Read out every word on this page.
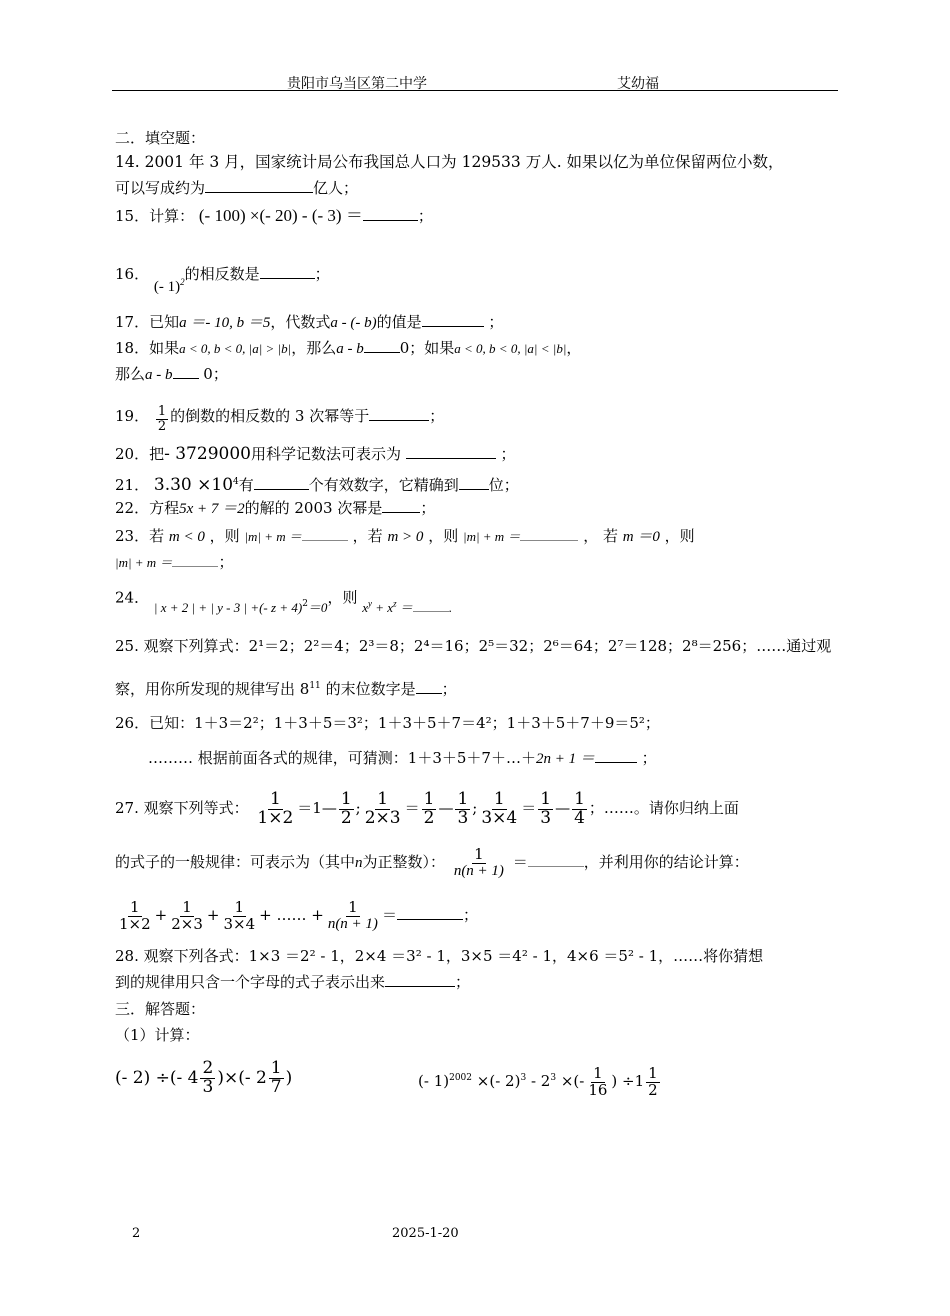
贵阳市乌当区第二中学	艾幼福
二．填空题：
14. 2001 年 3 月，国家统计局公布我国总人口为 129533 万人. 如果以亿为单位保留两位小数，
可以写成约为	亿人；
15．计算： (- 100) ×(- 20) - (- 3) ＝	；
16． (- 1)$^2$的相反数是	；
17．已知a ＝- 10, b ＝5，代数式a - (- b)的值是	；
18．如果a < 0, b < 0, |a| > |b|，那么a - b 0；如果a < 0, b < 0, |a| < |b|，
那么a - b 0；
19． $\frac{1}{2}$ 的倒数的相反数的 3 次幂等于	；
20．把- 3729000用科学记数法可表示为	；
21． $3.30 \times 10^4$有	个有效数字，它精确到 位；
22．方程5x + 7 ＝2的解的 2003 次幂是	；
23．若 m < 0 ，则 |m| + m ＝	，若 m > 0 ，则 |m| + m ＝	， 若 m ＝0 ，则
|m| + m ＝	；
24． | x + 2 | + | y - 3 | +(- z + 4)$^2$＝0，则 $x^y + x^z$ ＝	.
25. 观察下列算式：2¹＝2；2²＝4；2³＝8；2⁴＝16；2⁵＝32；2⁶＝64；2⁷＝128；2⁸＝256；……通过观
察，用你所发现的规律写出 $8^{11}$ 的末位数字是 ；
26．已知：1＋3＝2²；1＋3＋5＝3²；1＋3＋5＋7＝4²；1＋3＋5＋7＋9＝5²；
……… 根据前面各式的规律，可猜测：1＋3＋5＋7＋…＋2n + 1 ＝	；
27. 观察下列等式： $\frac{1}{1\times 2}$ ＝1— $\frac{1}{2}$ ; $\frac{1}{2\times 3} = \frac{1}{2}$ — $\frac{1}{3}$ ; $\frac{1}{3\times 4} = \frac{1}{3}$ — $\frac{1}{4}$ ；……。请你归纳上面
的式子的一般规律：可表示为（其中n为正整数）： $\frac{1}{n(n + 1)}$ ＝	，并利用你的结论计算：
$\frac{1}{1\times 2} + \frac{1}{2\times 3} + \frac{1}{3\times 4}$ + …… + $\frac{1}{n(n + 1)}$ ＝	；
28. 观察下列各式：1×3 ＝2² - 1，2×4 ＝3² - 1，3×5 ＝4² - 1，4×6 ＝5² - 1，……将你猜想
到的规律用只含一个字母的式子表示出来	；
三．解答题：
（1）计算：
(- 2) ÷(- $4 \frac{2}{3}$ )×(- $2 \frac{1}{7}$ )	(- 1)$^{2002}$ ×(- $2)^3 - 2^3$ ×(- $\frac{1}{16}$ ) $\div 1 \frac{1}{2}$
2	2025-1-20
